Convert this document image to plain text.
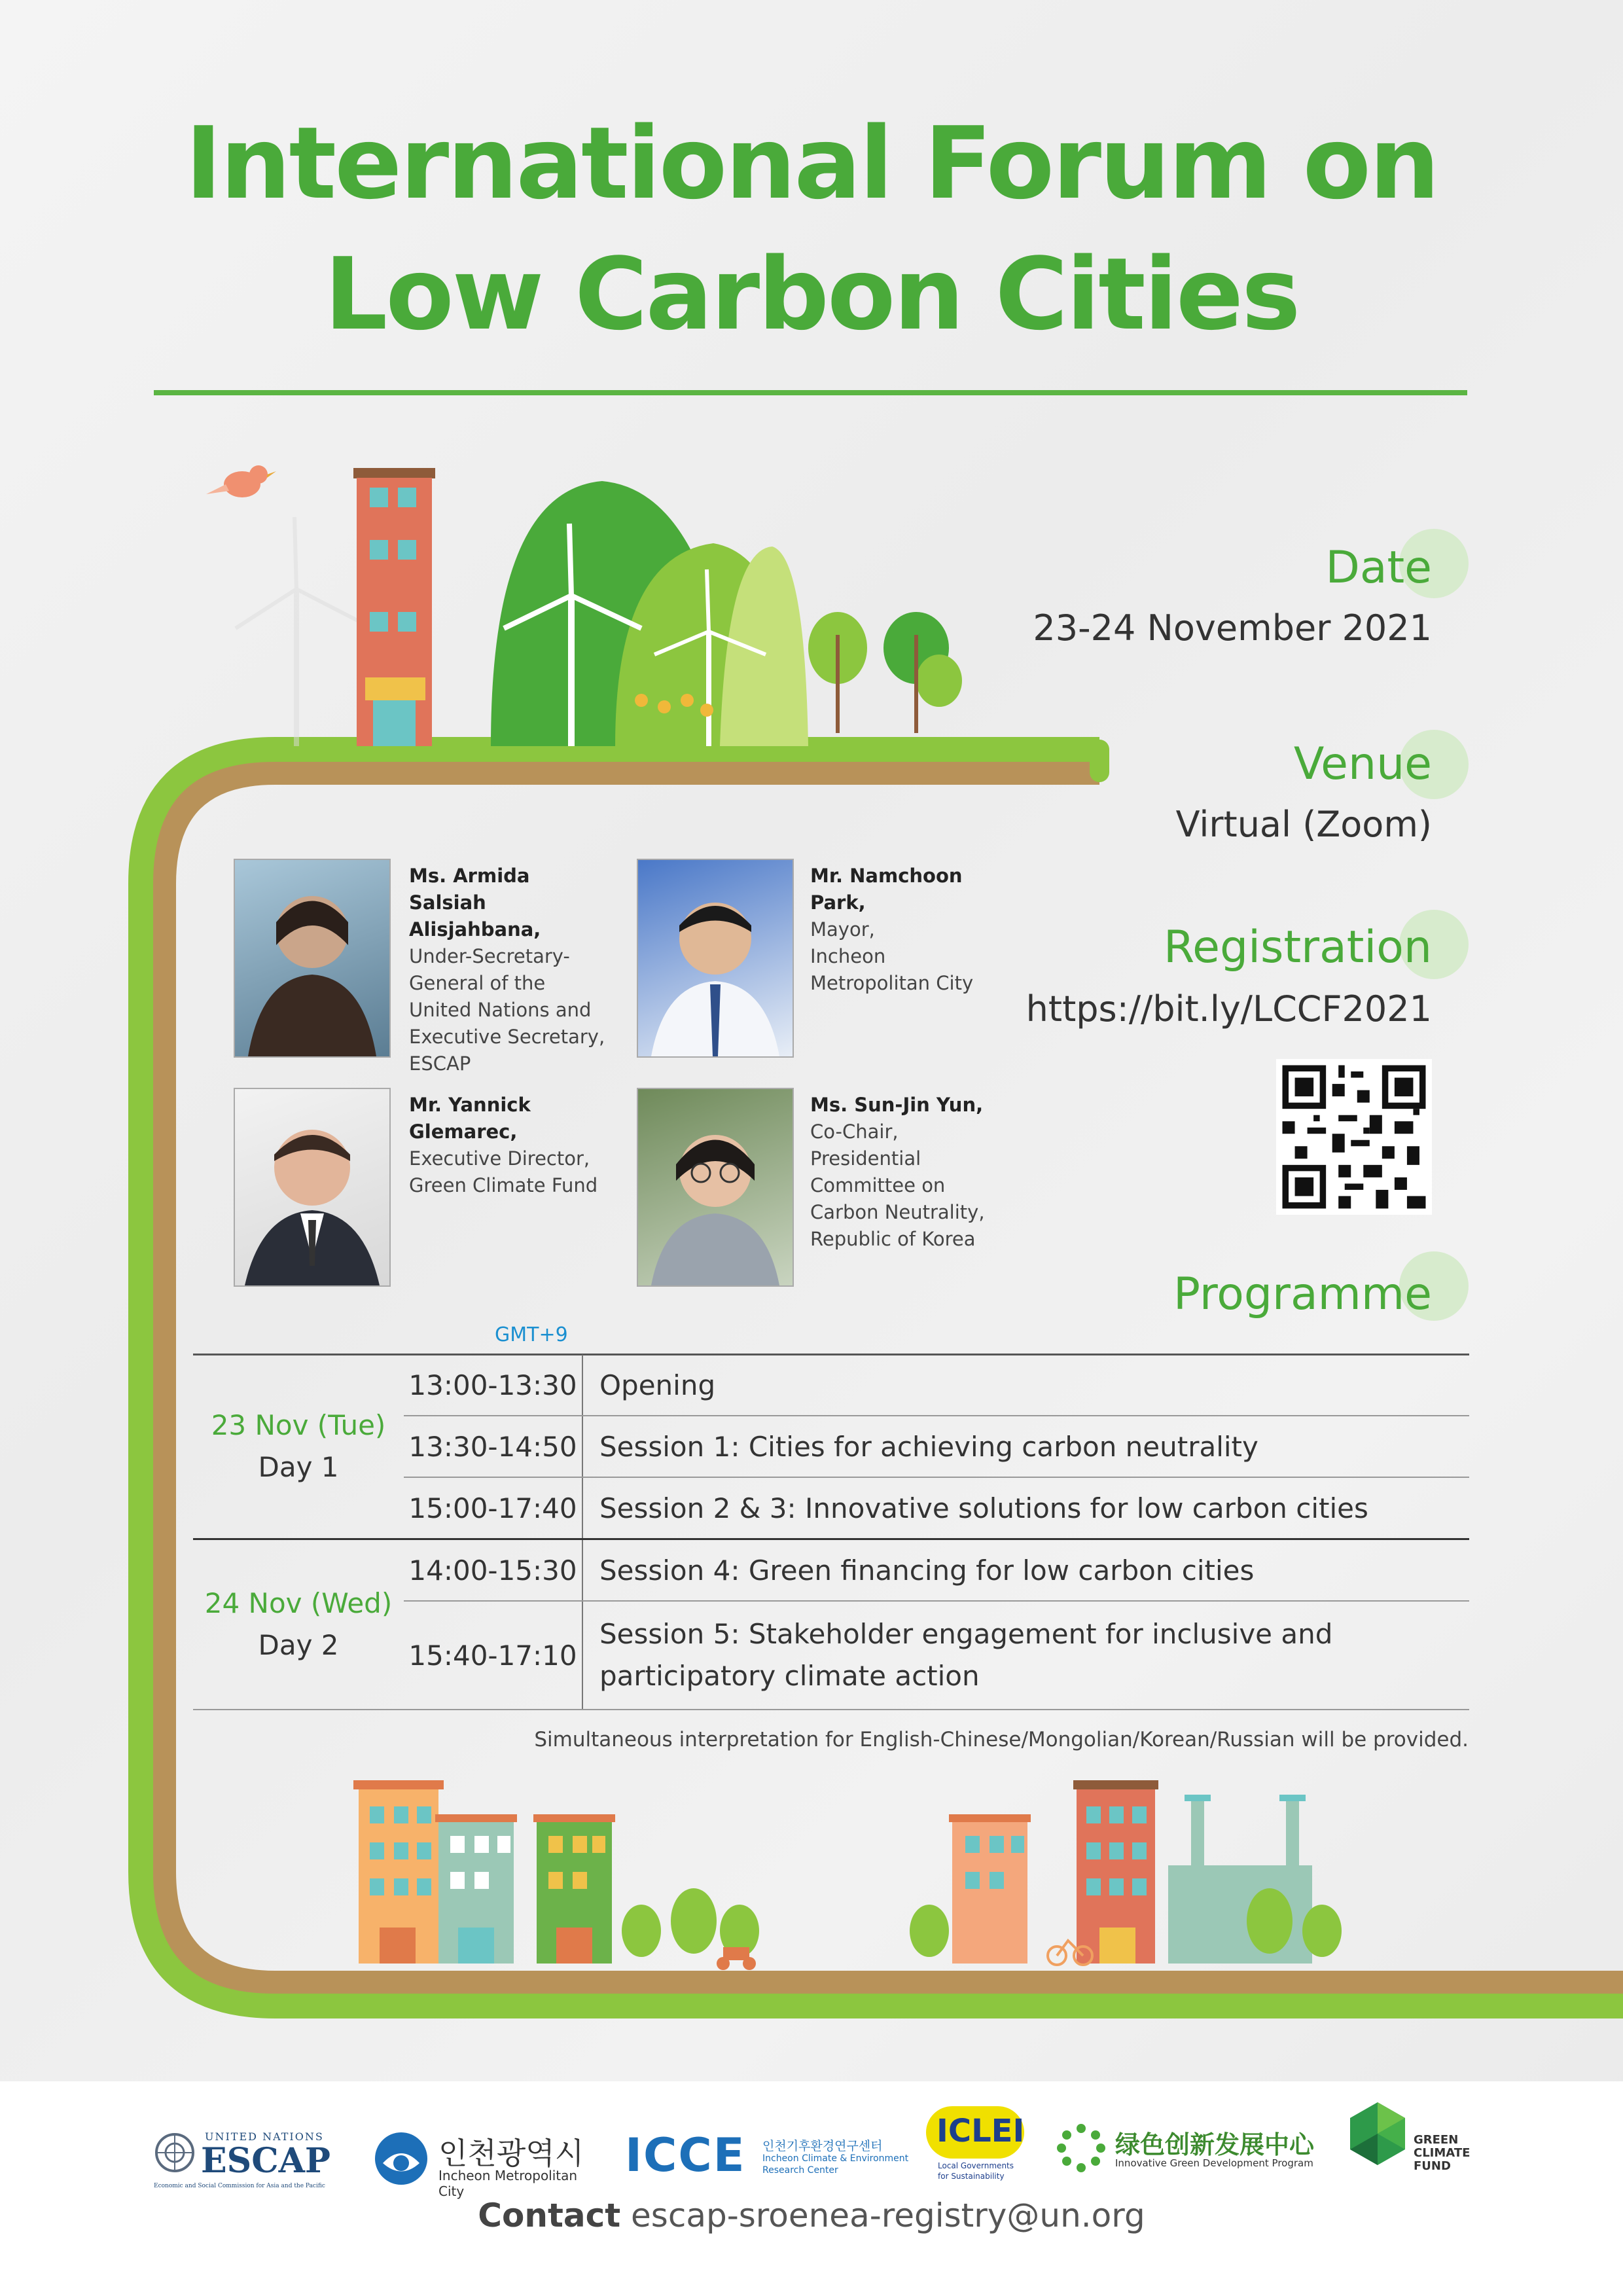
International Forum on
Low Carbon Cities
Date
23-24 November 2021
Venue
Virtual (Zoom)
Registration
https://bit.ly/LCCF2021
Programme
Ms. Armida Salsiah
Alisjahbana,
Under-Secretary-
General of the
United Nations and
Executive Secretary,
ESCAP
Mr. Namchoon Park,
Mayor,
Incheon
Metropolitan City
Mr. Yannick
Glemarec,
Executive Director,
Green Climate Fund
Ms. Sun-Jin Yun,
Co-Chair,
Presidential
Committee on
Carbon Neutrality,
Republic of Korea
GMT+9
23 Nov (Tue)
Day 1	13:00-13:30	Opening
	13:30-14:50	Session 1: Cities for achieving carbon neutrality
	15:00-17:40	Session 2 & 3: Innovative solutions for low carbon cities

24 Nov (Wed)
Day 2	14:00-15:30	Session 4: Green financing for low carbon cities
	15:40-17:10	Session 5: Stakeholder engagement for inclusive and participatory climate action
Simultaneous interpretation for English-Chinese/Mongolian/Korean/Russian will be provided.
UNITED NATIONS
ESCAP
Economic and Social Commission for Asia and the Pacific
인천광역시
Incheon Metropolitan City
ICCE 인천기후환경연구센터
Incheon Climate & Environment
Research Center
ICLEI
Local Governments
for Sustainability
绿色创新发展中心
Innovative Green Development Program
GREEN
CLIMATE
FUND
Contact escap-sroenea-registry@un.org
